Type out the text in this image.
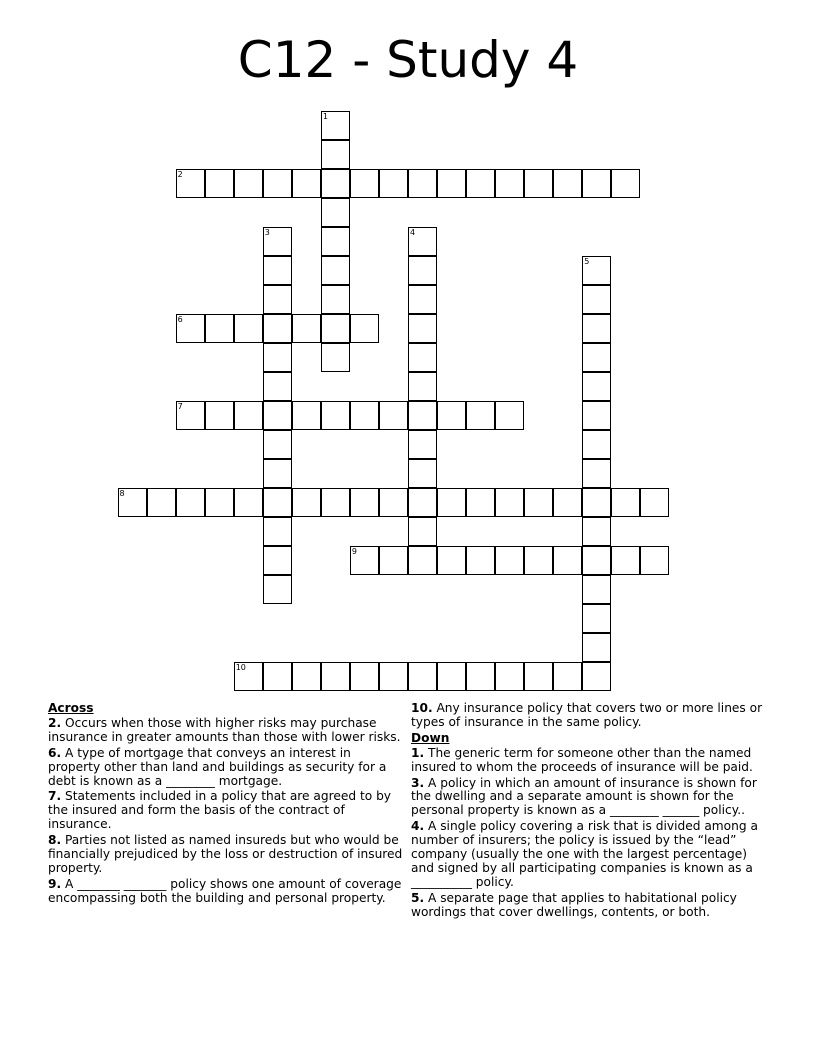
C12 - Study 4
1
2
3	4
5
6
7
8
9
10
Across
2. Occurs when those with higher risks may purchase insurance in greater amounts than those with lower risks.
6. A type of mortgage that conveys an interest in property other than land and buildings as security for a debt is known as a ________ mortgage.
7. Statements included in a policy that are agreed to by the insured and form the basis of the contract of insurance.
8. Parties not listed as named insureds but who would be financially prejudiced by the loss or destruction of insured property.
9. A _______ _______ policy shows one amount of coverage encompassing both the building and personal property.
10. Any insurance policy that covers two or more lines or types of insurance in the same policy.
Down
1. The generic term for someone other than the named insured to whom the proceeds of insurance will be paid.
3. A policy in which an amount of insurance is shown for the dwelling and a separate amount is shown for the personal property is known as a ________ ______ policy..
4. A single policy covering a risk that is divided among a number of insurers; the policy is issued by the “lead” company (usually the one with the largest percentage) and signed by all participating companies is known as a __________ policy.
5. A separate page that applies to habitational policy wordings that cover dwellings, contents, or both.
